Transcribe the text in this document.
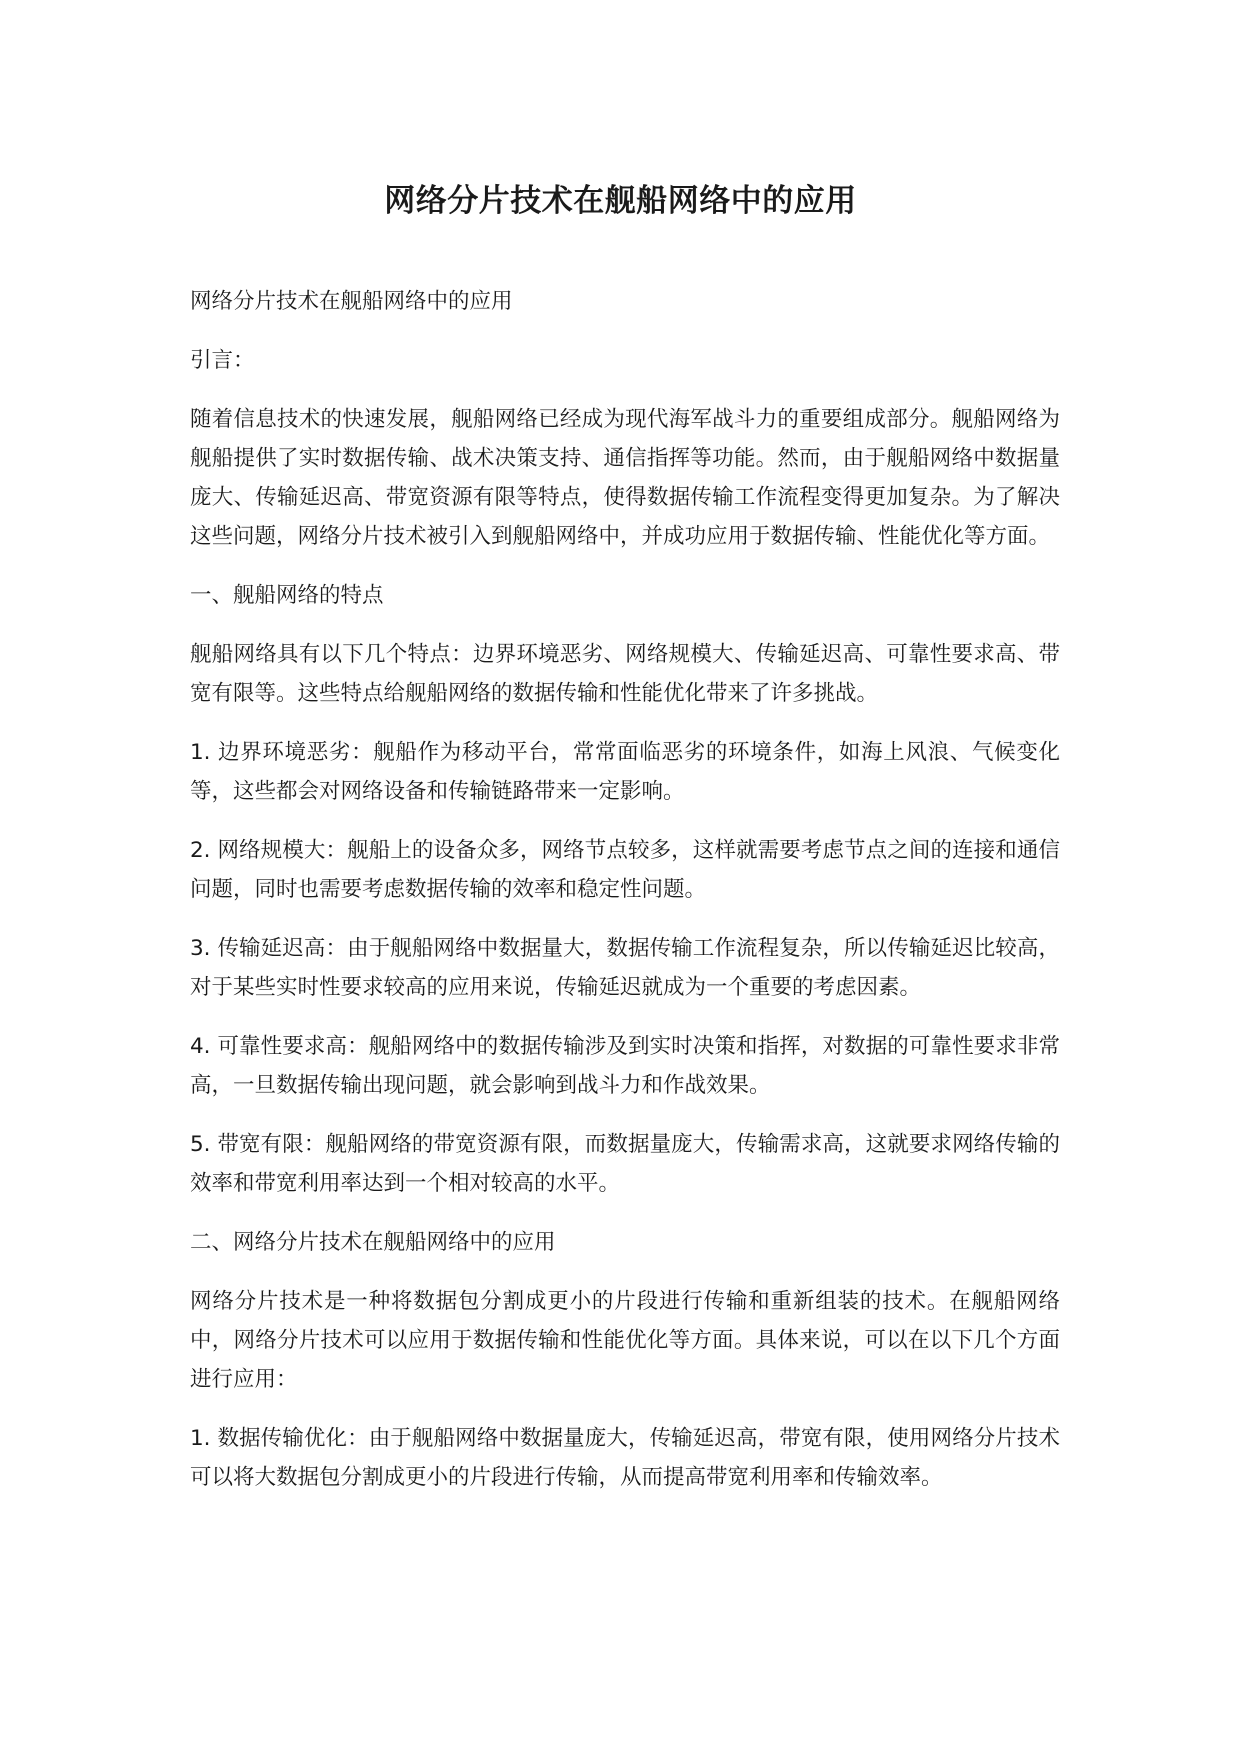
网络分片技术在舰船网络中的应用

网络分片技术在舰船网络中的应用

引言：

随着信息技术的快速发展，舰船网络已经成为现代海军战斗力的重要组成部分。舰船网络为舰船提供了实时数据传输、战术决策支持、通信指挥等功能。然而，由于舰船网络中数据量庞大、传输延迟高、带宽资源有限等特点，使得数据传输工作流程变得更加复杂。为了解决这些问题，网络分片技术被引入到舰船网络中，并成功应用于数据传输、性能优化等方面。

一、舰船网络的特点

舰船网络具有以下几个特点：边界环境恶劣、网络规模大、传输延迟高、可靠性要求高、带宽有限等。这些特点给舰船网络的数据传输和性能优化带来了许多挑战。

1. 边界环境恶劣：舰船作为移动平台，常常面临恶劣的环境条件，如海上风浪、气候变化等，这些都会对网络设备和传输链路带来一定影响。

2. 网络规模大：舰船上的设备众多，网络节点较多，这样就需要考虑节点之间的连接和通信问题，同时也需要考虑数据传输的效率和稳定性问题。

3. 传输延迟高：由于舰船网络中数据量大，数据传输工作流程复杂，所以传输延迟比较高，对于某些实时性要求较高的应用来说，传输延迟就成为一个重要的考虑因素。

4. 可靠性要求高：舰船网络中的数据传输涉及到实时决策和指挥，对数据的可靠性要求非常高，一旦数据传输出现问题，就会影响到战斗力和作战效果。

5. 带宽有限：舰船网络的带宽资源有限，而数据量庞大，传输需求高，这就要求网络传输的效率和带宽利用率达到一个相对较高的水平。

二、网络分片技术在舰船网络中的应用

网络分片技术是一种将数据包分割成更小的片段进行传输和重新组装的技术。在舰船网络中，网络分片技术可以应用于数据传输和性能优化等方面。具体来说，可以在以下几个方面进行应用：

1. 数据传输优化：由于舰船网络中数据量庞大，传输延迟高，带宽有限，使用网络分片技术可以将大数据包分割成更小的片段进行传输，从而提高带宽利用率和传输效率。
